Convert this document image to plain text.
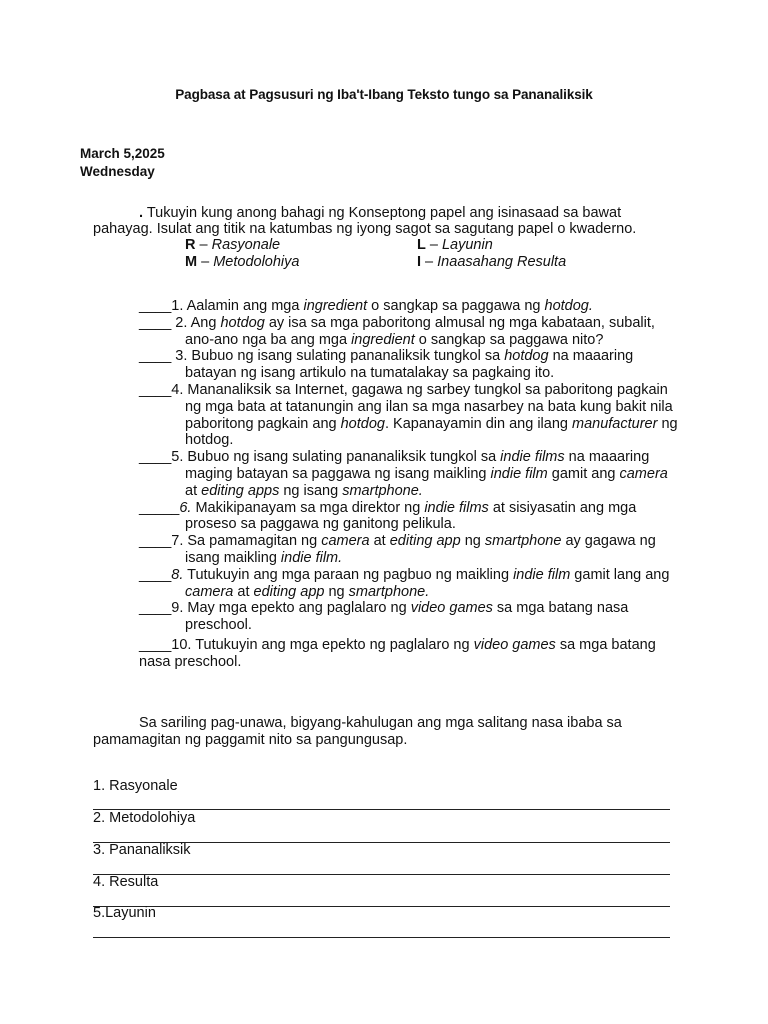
Pagbasa at Pagsusuri ng Iba't-Ibang Teksto tungo sa Pananaliksik
March 5,2025
Wednesday
. Tukuyin kung anong bahagi ng Konseptong papel ang isinasaad sa bawat
pahayag. Isulat ang titik na katumbas ng iyong sagot sa sagutang papel o kwaderno.
R – Rasyonale	L – Layunin
M – Metodolohiya	I – Inaasahang Resulta
____1. Aalamin ang mga ingredient o sangkap sa paggawa ng hotdog.
____ 2. Ang hotdog ay isa sa mga paboritong almusal ng mga kabataan, subalit, ano-ano nga ba ang mga ingredient o sangkap sa paggawa nito?
____ 3. Bubuo ng isang sulating pananaliksik tungkol sa hotdog na maaaring batayan ng isang artikulo na tumatalakay sa pagkaing ito.
____4. Mananaliksik sa Internet, gagawa ng sarbey tungkol sa paboritong pagkain ng mga bata at tatanungin ang ilan sa mga nasarbey na bata kung bakit nila paboritong pagkain ang hotdog. Kapanayamin din ang ilang manufacturer ng hotdog.
____5. Bubuo ng isang sulating pananaliksik tungkol sa indie films na maaaring maging batayan sa paggawa ng isang maikling indie film gamit ang camera at editing apps ng isang smartphone.
_____6. Makikipanayam sa mga direktor ng indie films at sisiyasatin ang mga proseso sa paggawa ng ganitong pelikula.
____7. Sa pamamagitan ng camera at editing app ng smartphone ay gagawa ng isang maikling indie film.
____8. Tutukuyin ang mga paraan ng pagbuo ng maikling indie film gamit lang ang camera at editing app ng smartphone.
____9. May mga epekto ang paglalaro ng video games sa mga batang nasa preschool.
____10. Tutukuyin ang mga epekto ng paglalaro ng video games sa mga batang nasa preschool.
Sa sariling pag-unawa, bigyang-kahulugan ang mga salitang nasa ibaba sa pamamagitan ng paggamit nito sa pangungusap.
1. Rasyonale
2. Metodolohiya
3. Pananaliksik
4. Resulta
5.Layunin
